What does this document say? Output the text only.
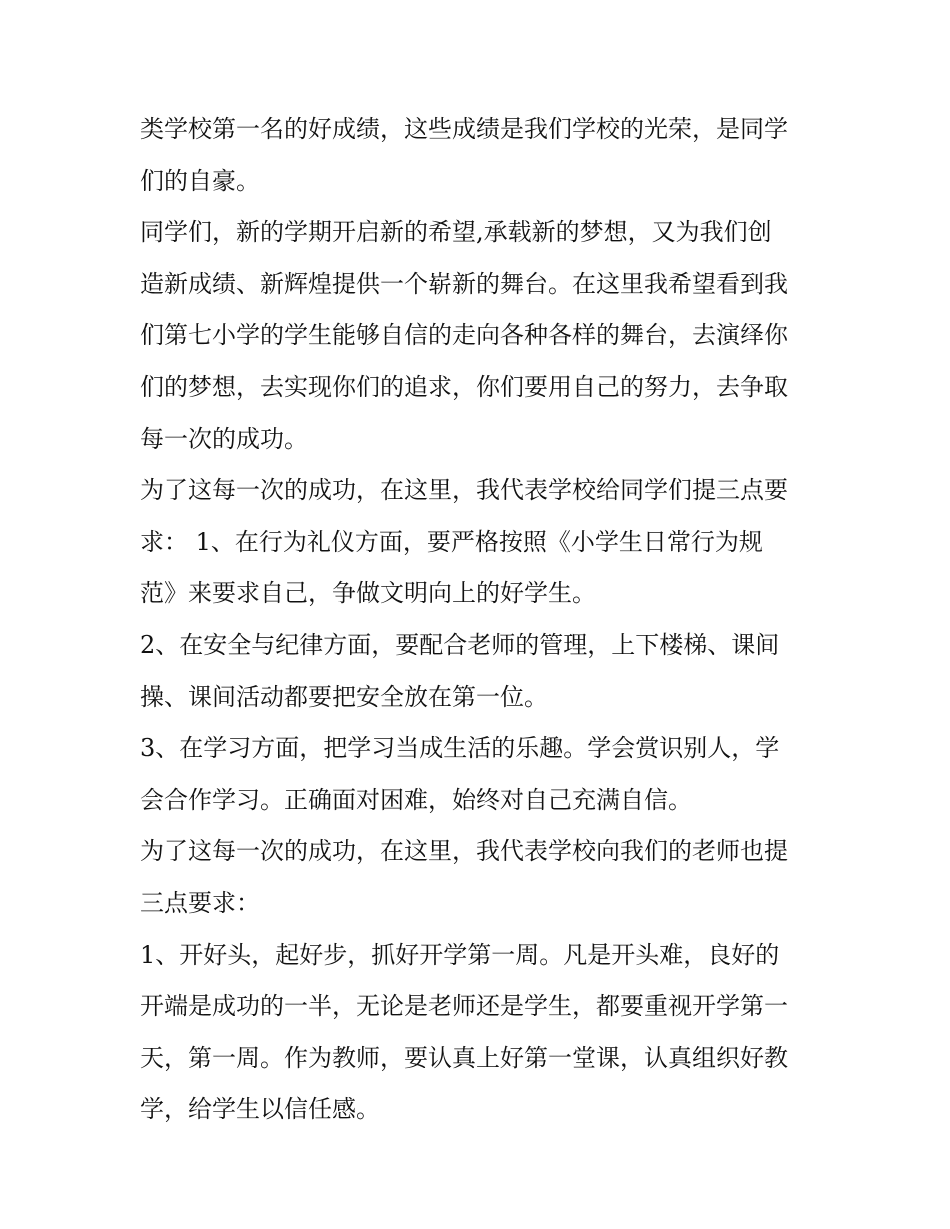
类学校第一名的好成绩，这些成绩是我们学校的光荣，是同学

们的自豪。

同学们，新的学期开启新的希望,承载新的梦想，又为我们创

造新成绩、新辉煌提供一个崭新的舞台。在这里我希望看到我

们第七小学的学生能够自信的走向各种各样的舞台，去演绎你

们的梦想，去实现你们的追求，你们要用自己的努力，去争取

每一次的成功。

为了这每一次的成功，在这里，我代表学校给同学们提三点要

求： 1、在行为礼仪方面，要严格按照《小学生日常行为规

范》来要求自己，争做文明向上的好学生。

2、在安全与纪律方面，要配合老师的管理，上下楼梯、课间

操、课间活动都要把安全放在第一位。

3、在学习方面，把学习当成生活的乐趣。学会赏识别人，学

会合作学习。正确面对困难，始终对自己充满自信。

为了这每一次的成功，在这里，我代表学校向我们的老师也提

三点要求：

1、开好头，起好步，抓好开学第一周。凡是开头难，良好的

开端是成功的一半，无论是老师还是学生，都要重视开学第一

天，第一周。作为教师，要认真上好第一堂课，认真组织好教

学，给学生以信任感。
